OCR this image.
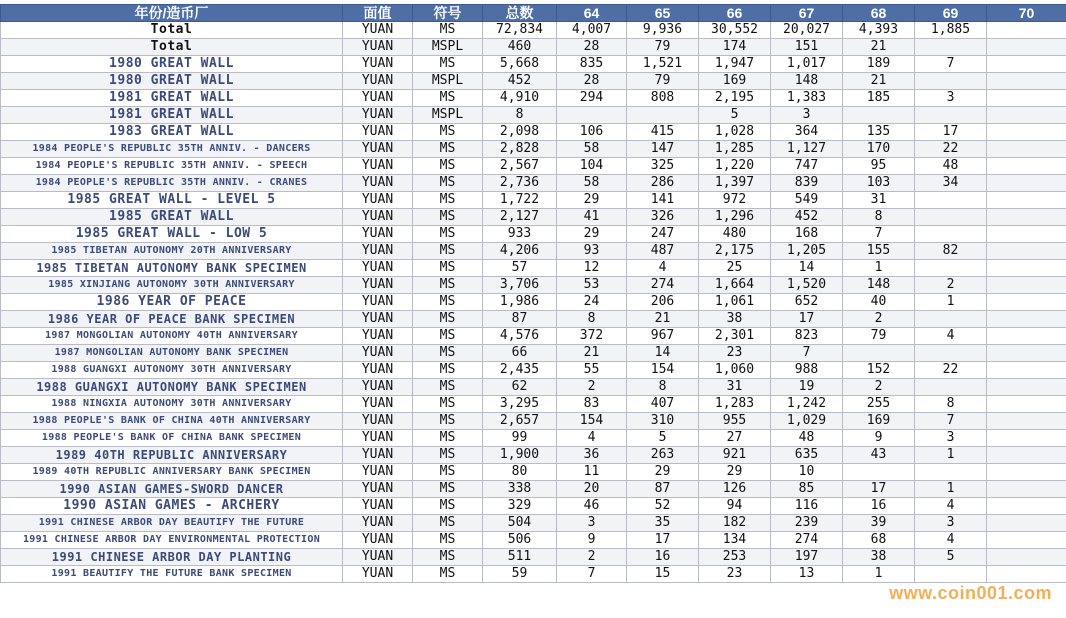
年份/造币厂	面值	符号	总数	64	65	66	67	68	69	70
Total	YUAN	MS	72,834	4,007	9,936	30,552	20,027	4,393	1,885	
Total	YUAN	MSPL	460	28	79	174	151	21		
1980 GREAT WALL	YUAN	MS	5,668	835	1,521	1,947	1,017	189	7	
1980 GREAT WALL	YUAN	MSPL	452	28	79	169	148	21		
1981 GREAT WALL	YUAN	MS	4,910	294	808	2,195	1,383	185	3	
1981 GREAT WALL	YUAN	MSPL	8			5	3			
1983 GREAT WALL	YUAN	MS	2,098	106	415	1,028	364	135	17	
1984 PEOPLE'S REPUBLIC 35TH ANNIV. - DANCERS	YUAN	MS	2,828	58	147	1,285	1,127	170	22	
1984 PEOPLE'S REPUBLIC 35TH ANNIV. - SPEECH	YUAN	MS	2,567	104	325	1,220	747	95	48	
1984 PEOPLE'S REPUBLIC 35TH ANNIV. - CRANES	YUAN	MS	2,736	58	286	1,397	839	103	34	
1985 GREAT WALL - LEVEL 5	YUAN	MS	1,722	29	141	972	549	31		
1985 GREAT WALL	YUAN	MS	2,127	41	326	1,296	452	8		
1985 GREAT WALL - LOW 5	YUAN	MS	933	29	247	480	168	7		
1985 TIBETAN AUTONOMY 20TH ANNIVERSARY	YUAN	MS	4,206	93	487	2,175	1,205	155	82	
1985 TIBETAN AUTONOMY BANK SPECIMEN	YUAN	MS	57	12	4	25	14	1		
1985 XINJIANG AUTONOMY 30TH ANNIVERSARY	YUAN	MS	3,706	53	274	1,664	1,520	148	2	
1986 YEAR OF PEACE	YUAN	MS	1,986	24	206	1,061	652	40	1	
1986 YEAR OF PEACE BANK SPECIMEN	YUAN	MS	87	8	21	38	17	2		
1987 MONGOLIAN AUTONOMY 40TH ANNIVERSARY	YUAN	MS	4,576	372	967	2,301	823	79	4	
1987 MONGOLIAN AUTONOMY BANK SPECIMEN	YUAN	MS	66	21	14	23	7			
1988 GUANGXI AUTONOMY 30TH ANNIVERSARY	YUAN	MS	2,435	55	154	1,060	988	152	22	
1988 GUANGXI AUTONOMY BANK SPECIMEN	YUAN	MS	62	2	8	31	19	2		
1988 NINGXIA AUTONOMY 30TH ANNIVERSARY	YUAN	MS	3,295	83	407	1,283	1,242	255	8	
1988 PEOPLE'S BANK OF CHINA 40TH ANNIVERSARY	YUAN	MS	2,657	154	310	955	1,029	169	7	
1988 PEOPLE'S BANK OF CHINA BANK SPECIMEN	YUAN	MS	99	4	5	27	48	9	3	
1989 40TH REPUBLIC ANNIVERSARY	YUAN	MS	1,900	36	263	921	635	43	1	
1989 40TH REPUBLIC ANNIVERSARY BANK SPECIMEN	YUAN	MS	80	11	29	29	10			
1990 ASIAN GAMES-SWORD DANCER	YUAN	MS	338	20	87	126	85	17	1	
1990 ASIAN GAMES - ARCHERY	YUAN	MS	329	46	52	94	116	16	4	
1991 CHINESE ARBOR DAY BEAUTIFY THE FUTURE	YUAN	MS	504	3	35	182	239	39	3	
1991 CHINESE ARBOR DAY ENVIRONMENTAL PROTECTION	YUAN	MS	506	9	17	134	274	68	4	
1991 CHINESE ARBOR DAY PLANTING	YUAN	MS	511	2	16	253	197	38	5	
1991 BEAUTIFY THE FUTURE BANK SPECIMEN	YUAN	MS	59	7	15	23	13	1		
www.coin001.com
